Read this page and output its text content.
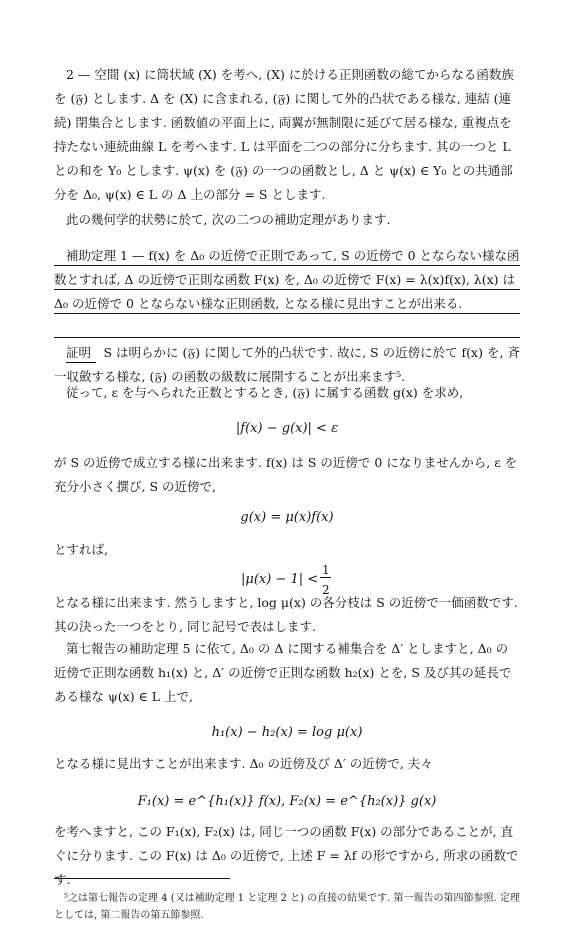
2 — 空間 (x) に筒状域 (X) を考へ, (X) に於ける正則函数の総てからなる函数族を (𝔉) とします. Δ を (X) に含まれる, (𝔉) に関して外的凸状である様な, 連結 (連続) 閉集合とします. 函数値の平面上に, 両翼が無制限に延びて居る様な, 重複点を持たない連続曲線 L を考へます. L は平面を二つの部分に分ちます. 其の一つと L との和を Y₀ とします. ψ(x) を (𝔉) の一つの函数とし, Δ と ψ(x) ∈ Y₀ との共通部分を Δ₀, ψ(x) ∈ L の Δ 上の部分 = S とします.

此の幾何学的状勢に於て, 次の二つの補助定理があります.

補助定理 1 — f(x) を Δ₀ の近傍で正則であって, S の近傍で 0 とならない様な函数とすれば, Δ の近傍で正則な函数 F(x) を, Δ₀ の近傍で F(x) = λ(x)f(x), λ(x) は Δ₀ の近傍で 0 とならない様な正則函数, となる様に見出すことが出来る.

証明　S は明らかに (𝔉) に関して外的凸状です. 故に, S の近傍に於て f(x) を, 斉一収斂する様な, (𝔉) の函数の級数に展開することが出来ます⁵.

従って, ε を与へられた正数とするとき, (𝔉) に属する函数 g(x) を求め,

|f(x) − g(x)| < ε

が S の近傍で成立する様に出来ます. f(x) は S の近傍で 0 になりませんから, ε を充分小さく撰び, S の近傍で,

g(x) = μ(x)f(x)

とすれば,

|μ(x) − 1| <
1
2

となる様に出来ます. 然うしますと, log μ(x) の各分枝は S の近傍で一価函数です. 其の決った一つをとり, 同じ記号で表はします.

第七報告の補助定理 5 に依て, Δ₀ の Δ に関する補集合を Δ′ としますと, Δ₀ の近傍で正則な函数 h₁(x) と, Δ′ の近傍で正則な函数 h₂(x) とを, S 及び其の延長である様な ψ(x) ∈ L 上で,

h₁(x) − h₂(x) = log μ(x)

となる様に見出すことが出来ます. Δ₀ の近傍及び Δ′ の近傍で, 夫々

F₁(x) = e^{h₁(x)} f(x), F₂(x) = e^{h₂(x)} g(x)

を考へますと, この F₁(x), F₂(x) は, 同じ一つの函数 F(x) の部分であることが, 直ぐに分ります. この F(x) は Δ₀ の近傍で, 上述 F = λf の形ですから, 所求の函数です.

⁵之は第七報告の定理 4 (又は補助定理 1 と定理 2 と) の直接の結果です. 第一報告の第四節参照. 定理としては, 第二報告の第五節参照.
